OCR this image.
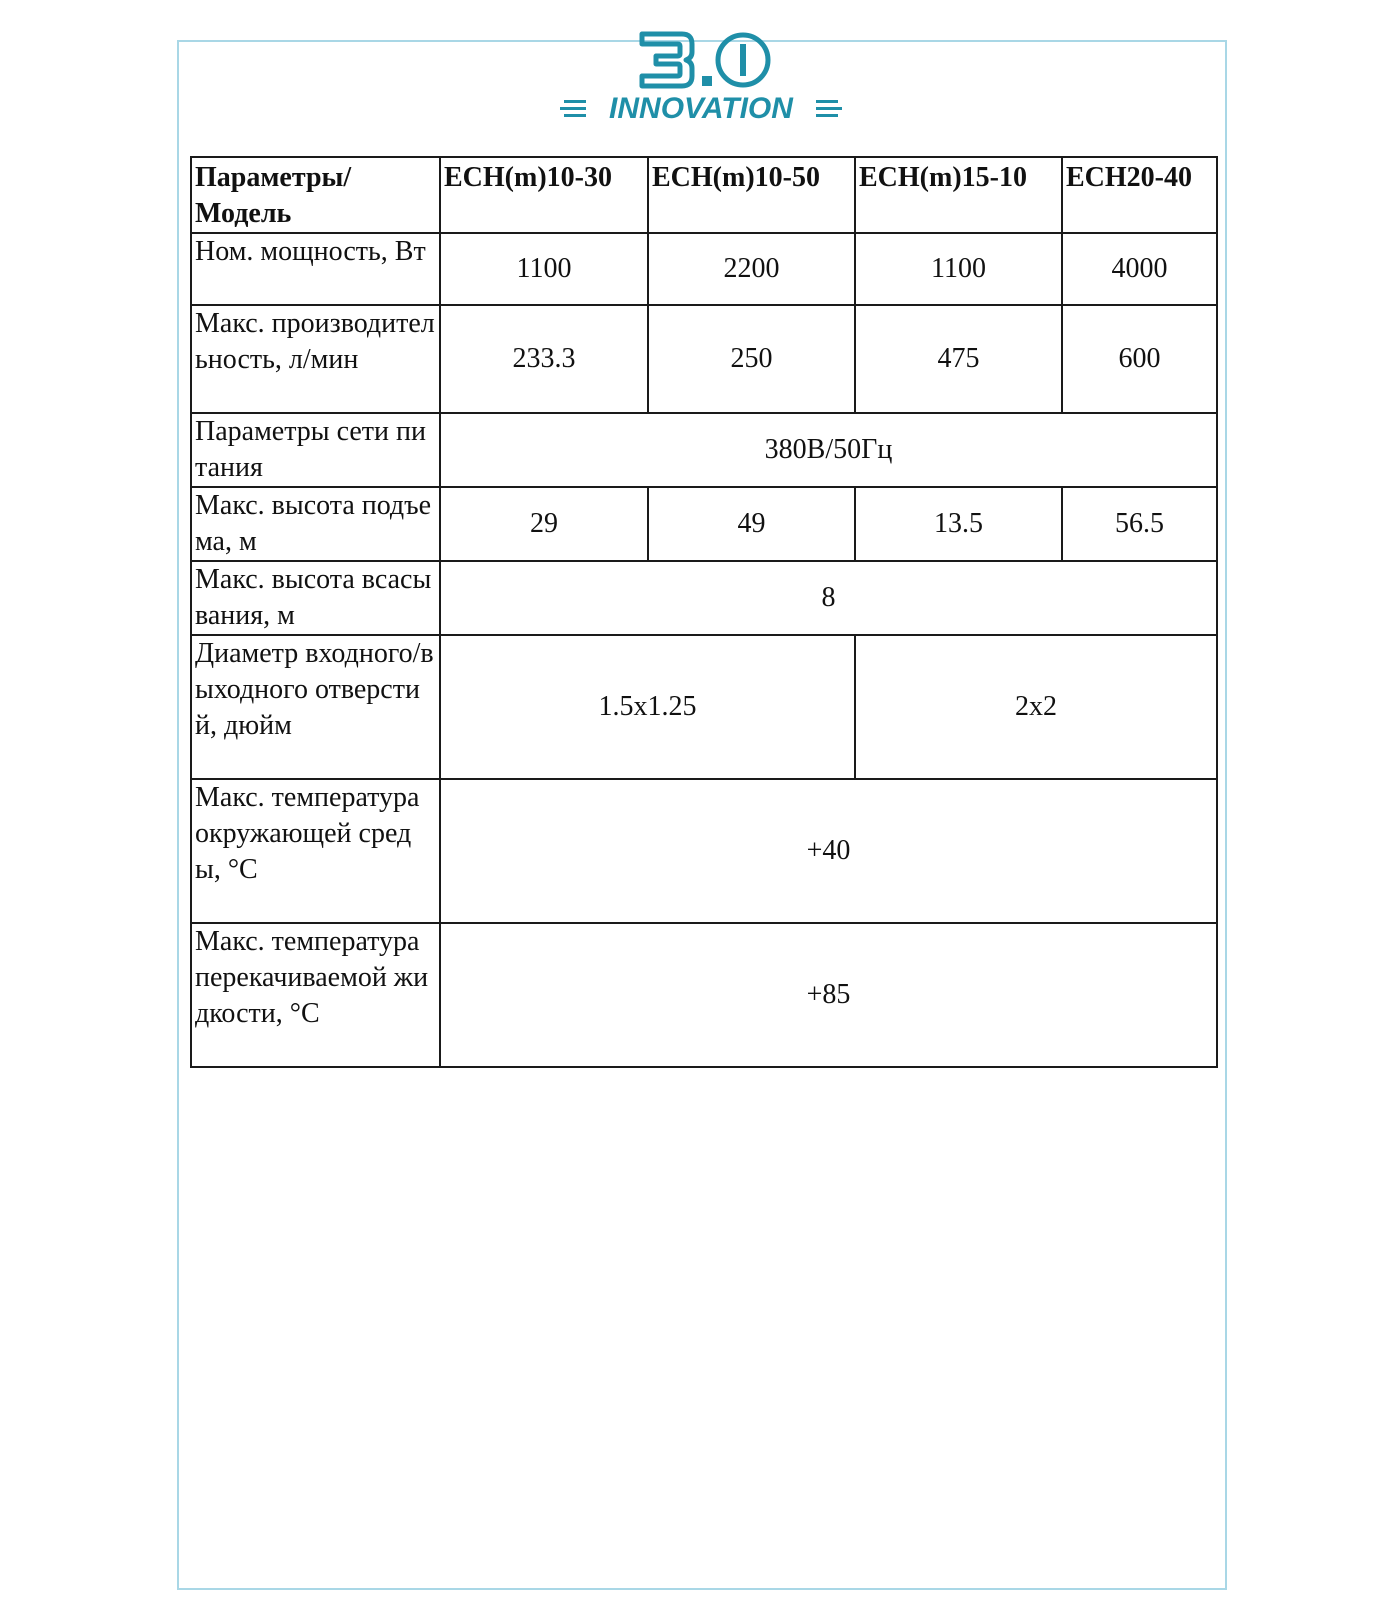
INNOVATION
Параметры/ Модель	ECH(m)10-30	ECH(m)10-50	ECH(m)15-10	ECH20-40
Ном. мощность, Вт	1100	2200	1100	4000
Макс. производительность, л/мин	233.3	250	475	600
Параметры сети питания	380В/50Гц			
Макс. высота подъема, м	29	49	13.5	56.5
Макс. высота всасывания, м	8			
Диаметр входного/выходного отверстий, дюйм	1.5x1.25		2x2	
Макс. температура окружающей среды, °С	+40			
Макс. температура перекачиваемой жидкости, °С	+85			
